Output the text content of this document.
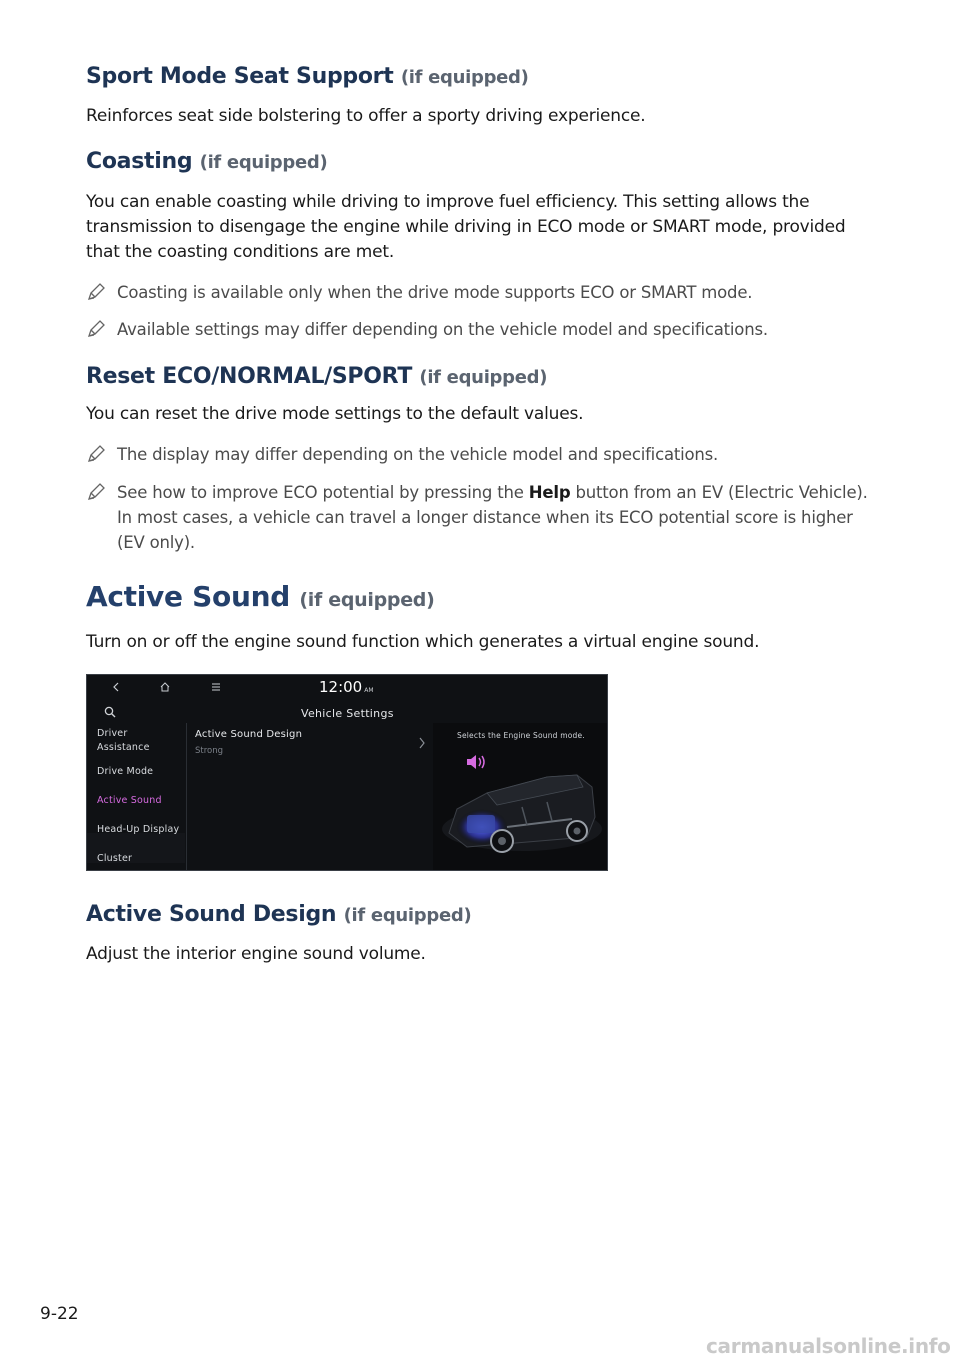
Sport Mode Seat Support (if equipped)
Reinforces seat side bolstering to offer a sporty driving experience.
Coasting (if equipped)
You can enable coasting while driving to improve fuel efficiency. This setting allows the transmission to disengage the engine while driving in ECO mode or SMART mode, provided that the coasting conditions are met.
Coasting is available only when the drive mode supports ECO or SMART mode.
Available settings may differ depending on the vehicle model and specifications.
Reset ECO/NORMAL/SPORT (if equipped)
You can reset the drive mode settings to the default values.
The display may differ depending on the vehicle model and specifications.
See how to improve ECO potential by pressing the Help button from an EV (Electric Vehicle). In most cases, a vehicle can travel a longer distance when its ECO potential score is higher (EV only).
Active Sound (if equipped)
Turn on or off the engine sound function which generates a virtual engine sound.
Active Sound Design (if equipped)
Adjust the interior engine sound volume.
12:00 AM
Vehicle Settings
Driver
Assistance
Drive Mode
Active Sound
Head-Up Display
Cluster
Active Sound Design
Strong
Selects the Engine Sound mode.
9-22
carmanualsonline.info
